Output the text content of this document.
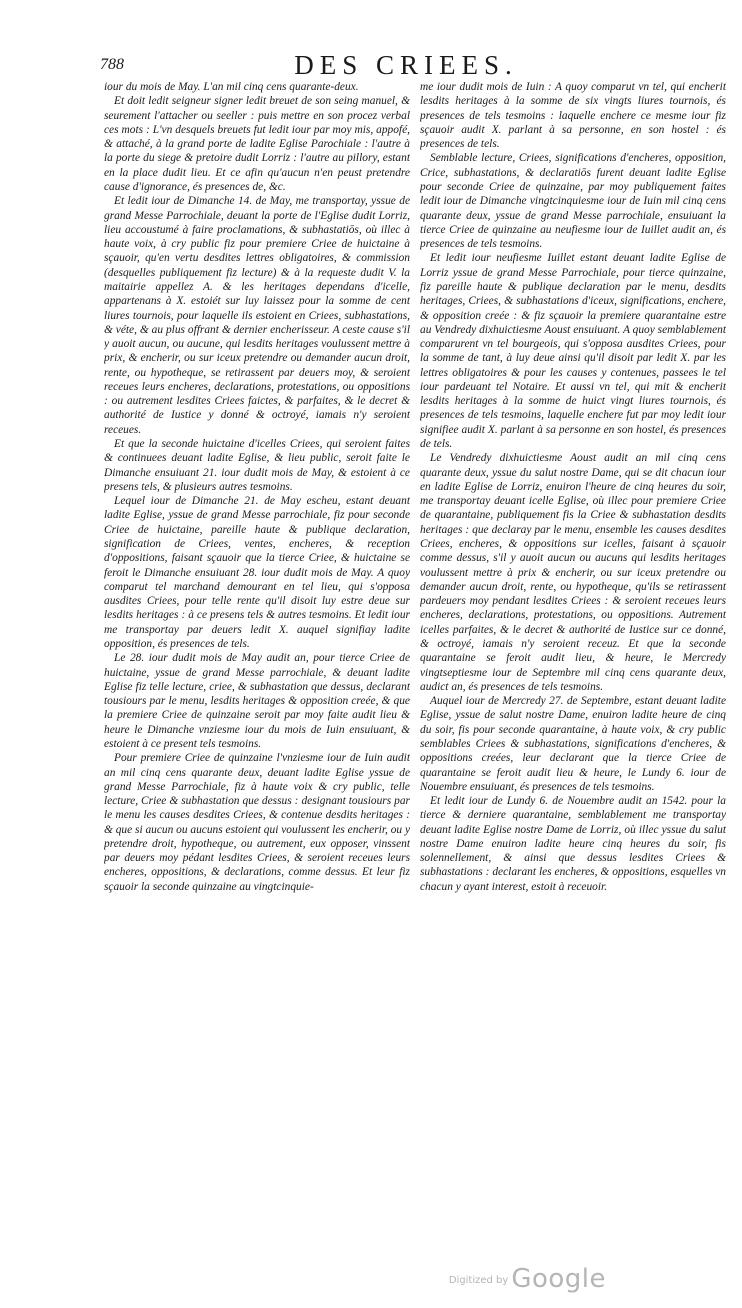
788	DES CRIEES.

iour du mois de May. L'an mil cinq cens quarante-deux.

Et doit ledit seigneur signer ledit breuet de son seing manuel, & seurement l'attacher ou seeller : puis mettre en son procez verbal ces mots : L'vn desquels breuets fut ledit iour par moy mis, appofé, & attaché, à la grand porte de ladite Eglise Parochiale : l'autre à la porte du siege & pretoire dudit Lorriz : l'autre au pillory, estant en la place dudit lieu. Et ce afin qu'aucun n'en peust pretendre cause d'ignorance, és presences de, &c.

Et ledit iour de Dimanche 14. de May, me transportay, yssue de grand Messe Parrochiale, deuant la porte de l'Eglise dudit Lorriz, lieu accoustumé à faire proclamations, & subhastatiōs, où illec à haute voix, à cry public fiz pour premiere Criee de huictaine à sçauoir, qu'en vertu desdites lettres obligatoires, & commission (desquelles publiquement fiz lecture) & à la requeste dudit V. la maitairie appellez A. & les heritages dependans d'icelle, appartenans à X. estoiét sur luy laissez pour la somme de cent liures tournois, pour laquelle ils estoient en Criees, subhastations, & véte, & au plus offrant & dernier encherisseur. A ceste cause s'il y auoit aucun, ou aucune, qui lesdits heritages voulussent mettre à prix, & encherir, ou sur iceux pretendre ou demander aucun droit, rente, ou hypotheque, se retirassent par deuers moy, & seroient receues leurs encheres, declarations, protestations, ou oppositions : ou autrement lesdites Criees faictes, & parfaites, & le decret & authorité de Iustice y donné & octroyé, iamais n'y seroient receues.

Et que la seconde huictaine d'icelles Criees, qui seroient faites & continuees deuant ladite Eglise, & lieu public, seroit faite le Dimanche ensuiuant 21. iour dudit mois de May, & estoient à ce presens tels, & plusieurs autres tesmoins.

Lequel iour de Dimanche 21. de May escheu, estant deuant ladite Eglise, yssue de grand Messe parrochiale, fiz pour seconde Criee de huictaine, pareille haute & publique declaration, signification de Criees, ventes, encheres, & reception d'oppositions, faisant sçauoir que la tierce Criee, & huictaine se feroit le Dimanche ensuiuant 28. iour dudit mois de May. A quoy comparut tel marchand demourant en tel lieu, qui s'opposa ausdites Criees, pour telle rente qu'il disoit luy estre deue sur lesdits heritages : à ce presens tels & autres tesmoins. Et ledit iour me transportay par deuers ledit X. auquel signifiay ladite opposition, és presences de tels.

Le 28. iour dudit mois de May audit an, pour tierce Criee de huictaine, yssue de grand Messe parrochiale, & deuant ladite Eglise fiz telle lecture, criee, & subhastation que dessus, declarant tousiours par le menu, lesdits heritages & opposition creée, & que la premiere Criee de quinzaine seroit par moy faite audit lieu & heure le Dimanche vnziesme iour du mois de Iuin ensuiuant, & estoient à ce present tels tesmoins.

Pour premiere Criee de quinzaine l'vnziesme iour de Iuin audit an mil cinq cens quarante deux, deuant ladite Eglise yssue de grand Messe Parrochiale, fiz à haute voix & cry public, telle lecture, Criee & subhastation que dessus : designant tousiours par le menu les causes desdites Criees, & contenue desdits heritages : & que si aucun ou aucuns estoient qui voulussent les encherir, ou y pretendre droit, hypotheque, ou autrement, eux opposer, vinssent par deuers moy pédant lesdites Criees, & seroient receues leurs encheres, oppositions, & declarations, comme dessus. Et leur fiz sçauoir la seconde quinzaine au vingtcinquie-

me iour dudit mois de Iuin : A quoy comparut vn tel, qui encherit lesdits heritages à la somme de six vingts liures tournois, és presences de tels tesmoins : laquelle enchere ce mesme iour fiz sçauoir audit X. parlant à sa personne, en son hostel : és presences de tels.

Semblable lecture, Criees, significations d'encheres, opposition, Crice, subhastations, & declaratiōs furent deuant ladite Eglise pour seconde Criee de quinzaine, par moy publiquement faites ledit iour de Dimanche vingtcinquiesme iour de Iuin mil cinq cens quarante deux, yssue de grand Messe parrochiale, ensuiuant la tierce Criee de quinzaine au neufiesme iour de Iuillet audit an, és presences de tels tesmoins.

Et ledit iour neufiesme Iuillet estant deuant ladite Eglise de Lorriz yssue de grand Messe Parrochiale, pour tierce quinzaine, fiz pareille haute & publique declaration par le menu, desdits heritages, Criees, & subhastations d'iceux, significations, enchere, & opposition creée : & fiz sçauoir la premiere quarantaine estre au Vendredy dixhuictiesme Aoust ensuiuant. A quoy semblablement comparurent vn tel bourgeois, qui s'opposa ausdites Criees, pour la somme de tant, à luy deue ainsi qu'il disoit par ledit X. par les lettres obligatoires & pour les causes y contenues, passees le tel iour pardeuant tel Notaire. Et aussi vn tel, qui mit & encherit lesdits heritages à la somme de huict vingt liures tournois, és presences de tels tesmoins, laquelle enchere fut par moy ledit iour signifiee audit X. parlant à sa personne en son hostel, és presences de tels.

Le Vendredy dixhuictiesme Aoust audit an mil cinq cens quarante deux, yssue du salut nostre Dame, qui se dit chacun iour en ladite Eglise de Lorriz, enuiron l'heure de cinq heures du soir, me transportay deuant icelle Eglise, où illec pour premiere Criee de quarantaine, publiquement fis la Criee & subhastation desdits heritages : que declaray par le menu, ensemble les causes desdites Criees, encheres, & oppositions sur icelles, faisant à sçauoir comme dessus, s'il y auoit aucun ou aucuns qui lesdits heritages voulussent mettre à prix & encherir, ou sur iceux pretendre ou demander aucun droit, rente, ou hypotheque, qu'ils se retirassent pardeuers moy pendant lesdites Criees : & seroient receues leurs encheres, declarations, protestations, ou oppositions. Autrement icelles parfaites, & le decret & authorité de Iustice sur ce donné, & octroyé, iamais n'y seroient receuz. Et que la seconde quarantaine se feroit audit lieu, & heure, le Mercredy vingtseptiesme iour de Septembre mil cinq cens quarante deux, audict an, és presences de tels tesmoins.

Auquel iour de Mercredy 27. de Septembre, estant deuant ladite Eglise, yssue de salut nostre Dame, enuiron ladite heure de cinq du soir, fis pour seconde quarantaine, à haute voix, & cry public semblables Criees & subhastations, significations d'encheres, & oppositions creées, leur declarant que la tierce Criee de quarantaine se feroit audit lieu & heure, le Lundy 6. iour de Nouembre ensuiuant, és presences de tels tesmoins.

Et ledit iour de Lundy 6. de Nouembre audit an 1542. pour la tierce & derniere quarantaine, semblablement me transportay deuant ladite Eglise nostre Dame de Lorriz, où illec yssue du salut nostre Dame enuiron ladite heure cinq heures du soir, fis solennellement, & ainsi que dessus lesdites Criees & subhastations : declarant les encheres, & oppositions, esquelles vn chacun y ayant interest, estoit à receuoir.

$^{Digitized by}$ Google
